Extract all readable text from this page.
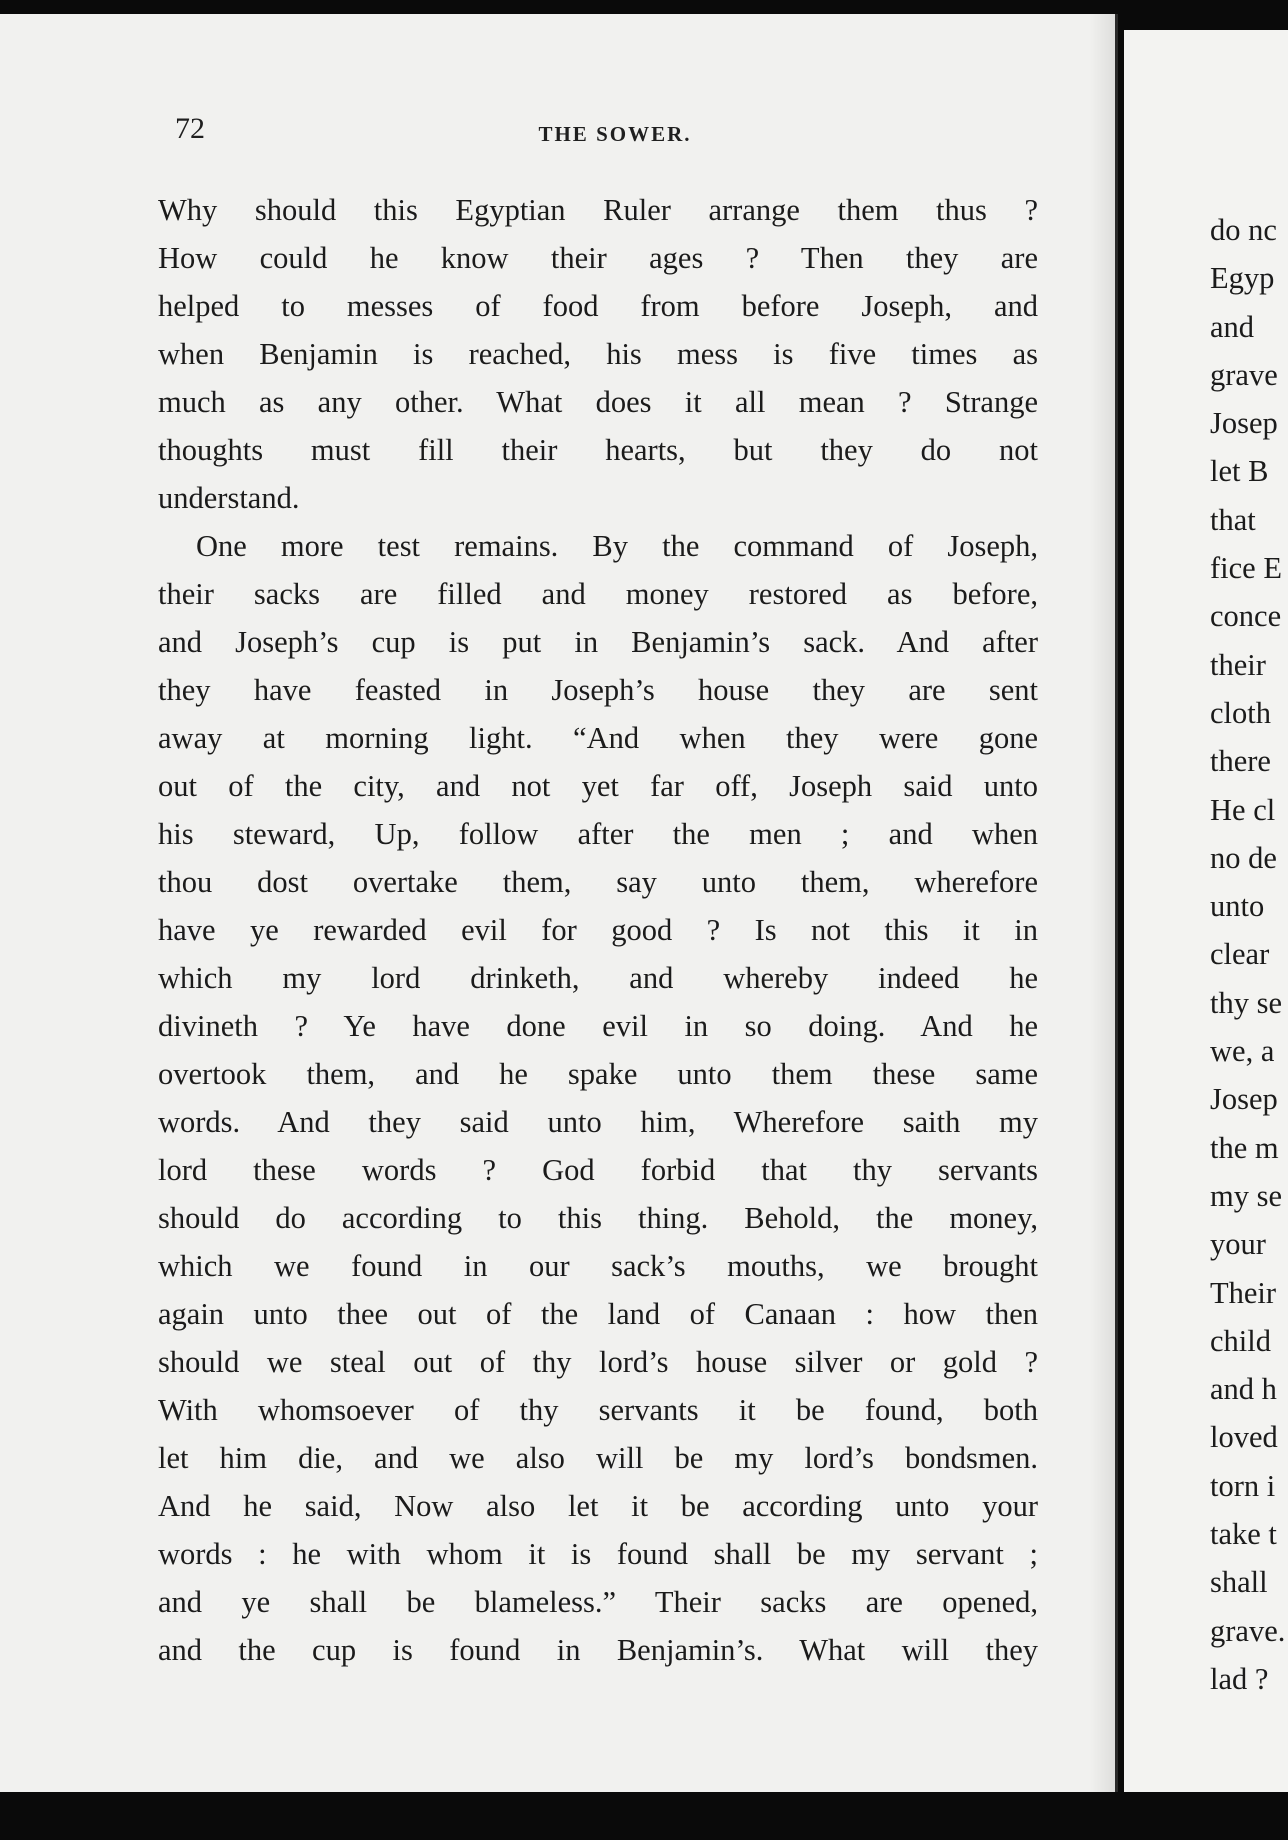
do nc
Egyp
and
grave
Josep
let B
that
fice E
conce
their
cloth
there
He cl
no de
unto
clear
thy se
we, a
Josep
the m
my se
your
Their
child
and h
loved
torn i
take t
shall
grave.
lad ?
72	THE SOWER.
Why should this Egyptian Ruler arrange them thus ?
How could he know their ages ? Then they are
helped to messes of food from before Joseph, and
when Benjamin is reached, his mess is five times as
much as any other. What does it all mean ? Strange
thoughts must fill their hearts, but they do not
understand.
One more test remains. By the command of Joseph,
their sacks are filled and money restored as before,
and Joseph’s cup is put in Benjamin’s sack. And after
they have feasted in Joseph’s house they are sent
away at morning light. “And when they were gone
out of the city, and not yet far off, Joseph said unto
his steward, Up, follow after the men ; and when
thou dost overtake them, say unto them, wherefore
have ye rewarded evil for good ? Is not this it in
which my lord drinketh, and whereby indeed he
divineth ? Ye have done evil in so doing. And he
overtook them, and he spake unto them these same
words. And they said unto him, Wherefore saith my
lord these words ? God forbid that thy servants
should do according to this thing. Behold, the money,
which we found in our sack’s mouths, we brought
again unto thee out of the land of Canaan : how then
should we steal out of thy lord’s house silver or gold ?
With whomsoever of thy servants it be found, both
let him die, and we also will be my lord’s bondsmen.
And he said, Now also let it be according unto your
words : he with whom it is found shall be my servant ;
and ye shall be blameless.” Their sacks are opened,
and the cup is found in Benjamin’s. What will they
